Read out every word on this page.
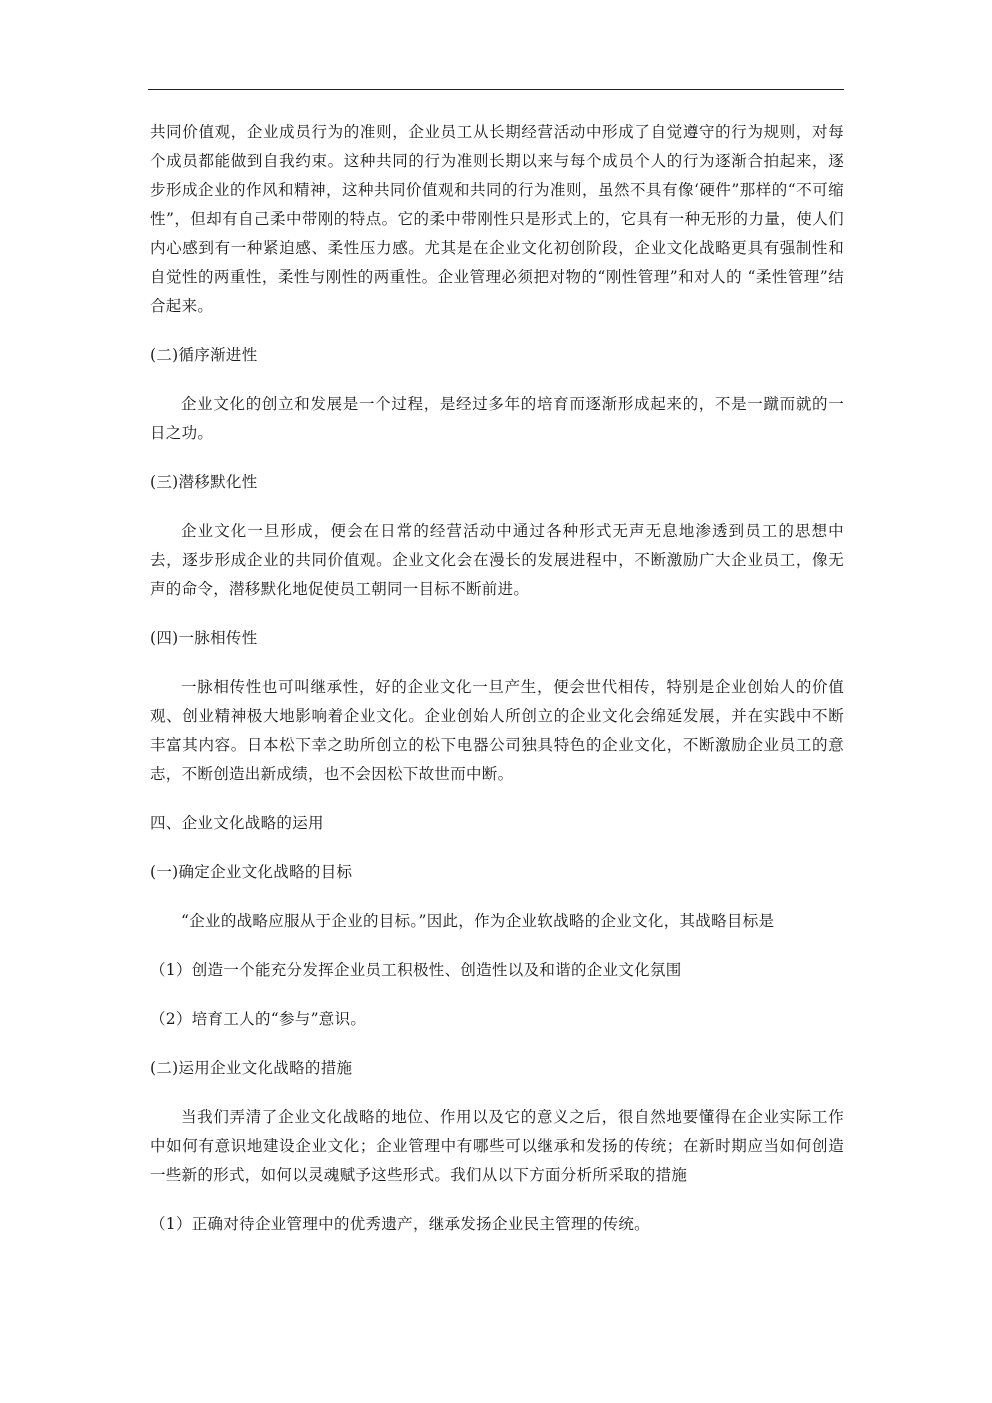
共同价值观，企业成员行为的准则，企业员工从长期经营活动中形成了自觉遵守的行为规则，对每个成员都能做到自我约束。这种共同的行为准则长期以来与每个成员个人的行为逐渐合拍起来，逐步形成企业的作风和精神，这种共同价值观和共同的行为准则，虽然不具有像‘硬件”那样的“不可缩性”，但却有自己柔中带刚的特点。它的柔中带刚性只是形式上的，它具有一种无形的力量，使人们内心感到有一种紧迫感、柔性压力感。尤其是在企业文化初创阶段，企业文化战略更具有强制性和自觉性的两重性，柔性与刚性的两重性。企业管理必须把对物的“刚性管理”和对人的 “柔性管理”结合起来。

(二)循序渐进性

企业文化的创立和发展是一个过程，是经过多年的培育而逐渐形成起来的，不是一蹴而就的一日之功。

(三)潜移默化性

企业文化一旦形成，便会在日常的经营活动中通过各种形式无声无息地渗透到员工的思想中去，逐步形成企业的共同价值观。企业文化会在漫长的发展进程中，不断激励广大企业员工，像无声的命令，潜移默化地促使员工朝同一目标不断前进。

(四)一脉相传性

一脉相传性也可叫继承性，好的企业文化一旦产生，便会世代相传，特别是企业创始人的价值观、创业精神极大地影响着企业文化。企业创始人所创立的企业文化会绵延发展，并在实践中不断丰富其内容。日本松下幸之助所创立的松下电器公司独具特色的企业文化，不断激励企业员工的意志，不断创造出新成绩，也不会因松下故世而中断。

四、企业文化战略的运用

(一)确定企业文化战略的目标

“企业的战略应服从于企业的目标。”因此，作为企业软战略的企业文化，其战略目标是

（1）创造一个能充分发挥企业员工积极性、创造性以及和谐的企业文化氛围

（2）培育工人的“参与”意识。

(二)运用企业文化战略的措施

当我们弄清了企业文化战略的地位、作用以及它的意义之后，很自然地要懂得在企业实际工作中如何有意识地建设企业文化；企业管理中有哪些可以继承和发扬的传统；在新时期应当如何创造一些新的形式，如何以灵魂赋予这些形式。我们从以下方面分析所采取的措施

（1）正确对待企业管理中的优秀遗产，继承发扬企业民主管理的传统。
